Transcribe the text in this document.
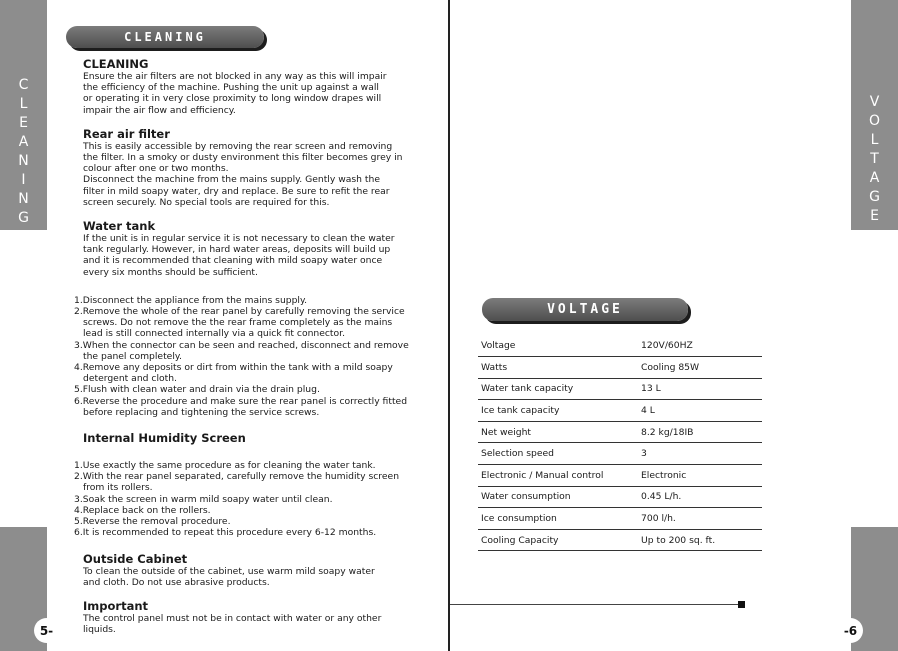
C
L
E
A
N
I
N
G
V
O
L
T
A
G
E
CLEANING
VOLTAGE
CLEANING

Ensure the air filters are not blocked in any way as this will impair

the efficiency of the machine. Pushing the unit up against a wall

or operating it in very close proximity to long window drapes will

impair the air flow and efficiency.

Rear air filter

This is easily accessible by removing the rear screen and removing

the filter. In a smoky or dusty environment this filter becomes grey in

colour after one or two months.

Disconnect the machine from the mains supply. Gently wash the

filter in mild soapy water, dry and replace. Be sure to refit the rear

screen securely. No special tools are required for this.

Water tank

If the unit is in regular service it is not necessary to clean the water

tank regularly. However, in hard water areas, deposits will build up

and it is recommended that cleaning with mild soapy water once

every six months should be sufficient.

1.Disconnect the appliance from the mains supply.
2.Remove the whole of the rear panel by carefully removing the service screws. Do not remove the the rear frame completely as the mains lead is still connected internally via a quick fit connector.
3.When the connector can be seen and reached, disconnect and remove the panel completely.
4.Remove any deposits or dirt from within the tank with a mild soapy detergent and cloth.
5.Flush with clean water and drain via the drain plug.
6.Reverse the procedure and make sure the rear panel is correctly fitted before replacing and tightening the service screws.
Internal Humidity Screen
1.Use exactly the same procedure as for cleaning the water tank.
2.With the rear panel separated, carefully remove the humidity screen from its rollers.
3.Soak the screen in warm mild soapy water until clean.
4.Replace back on the rollers.
5.Reverse the removal procedure.
6.It is recommended to repeat this procedure every 6-12 months.
Outside Cabinet

To clean the outside of the cabinet, use warm mild soapy water

and cloth. Do not use abrasive products.

Important

The control panel must not be in contact with water or any other

liquids.

Voltage	120V/60HZ
Watts	Cooling 85W
Water tank capacity	13 L
Ice tank capacity	4 L
Net weight	8.2 kg/18IB
Selection speed	3
Electronic / Manual control	Electronic
Water consumption	0.45 L/h.
Ice consumption	700 l/h.
Cooling Capacity	Up to 200 sq. ft.
5-	-6
